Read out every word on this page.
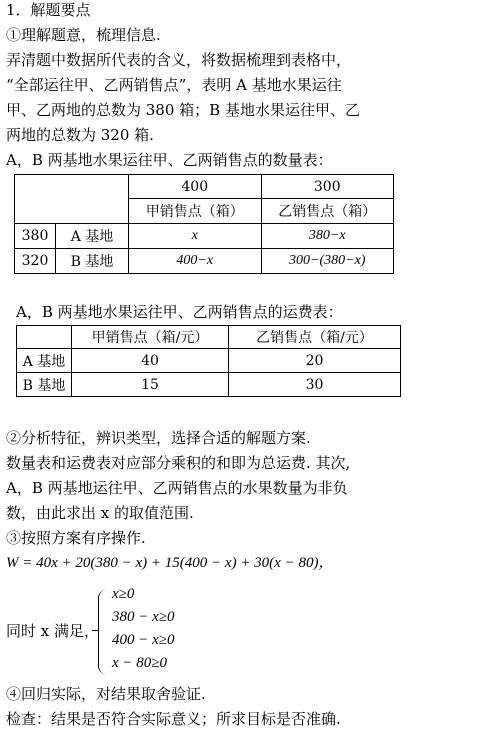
1．解题要点
①理解题意，梳理信息.
弄清题中数据所代表的含义，将数据梳理到表格中，
“全部运往甲、乙两销售点”，表明 A 基地水果运往
甲、乙两地的总数为 380 箱；B 基地水果运往甲、乙
两地的总数为 320 箱.
A，B 两基地水果运往甲、乙两销售点的数量表：
		400	300
		甲销售点（箱）	乙销售点（箱）
380	A 基地	x	380−x
320	B 基地	400−x	300−(380−x)
A，B 两基地水果运往甲、乙两销售点的运费表：
	甲销售点（箱/元）	乙销售点（箱/元）
A 基地	40	20
B 基地	15	30
②分析特征，辨识类型，选择合适的解题方案.
数量表和运费表对应部分乘积的和即为总运费. 其次,
A，B 两基地运往甲、乙两销售点的水果数量为非负
数，由此求出 x 的取值范围.
③按照方案有序操作.
W = 40x + 20(380 − x) + 15(400 − x) + 30(x − 80)，
同时 x 满足，
x≥0
380 − x≥0
400 − x≥0
x − 80≥0
④回归实际，对结果取舍验证.
检查：结果是否符合实际意义；所求目标是否准确.
